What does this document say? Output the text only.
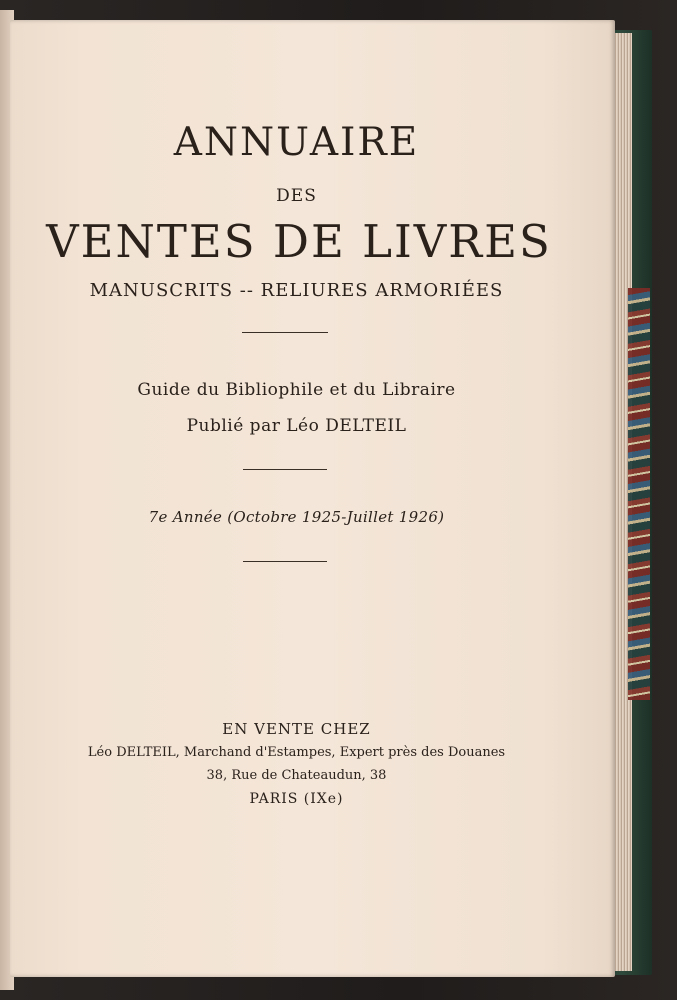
ANNUAIRE
DES
VENTES DE LIVRES
MANUSCRITS -- RELIURES ARMORIÉES
Guide du Bibliophile et du Libraire
Publié par Léo DELTEIL
7e Année (Octobre 1925-Juillet 1926)
EN VENTE CHEZ
Léo DELTEIL, Marchand d'Estampes, Expert près des Douanes
38, Rue de Chateaudun, 38
PARIS (IXe)
